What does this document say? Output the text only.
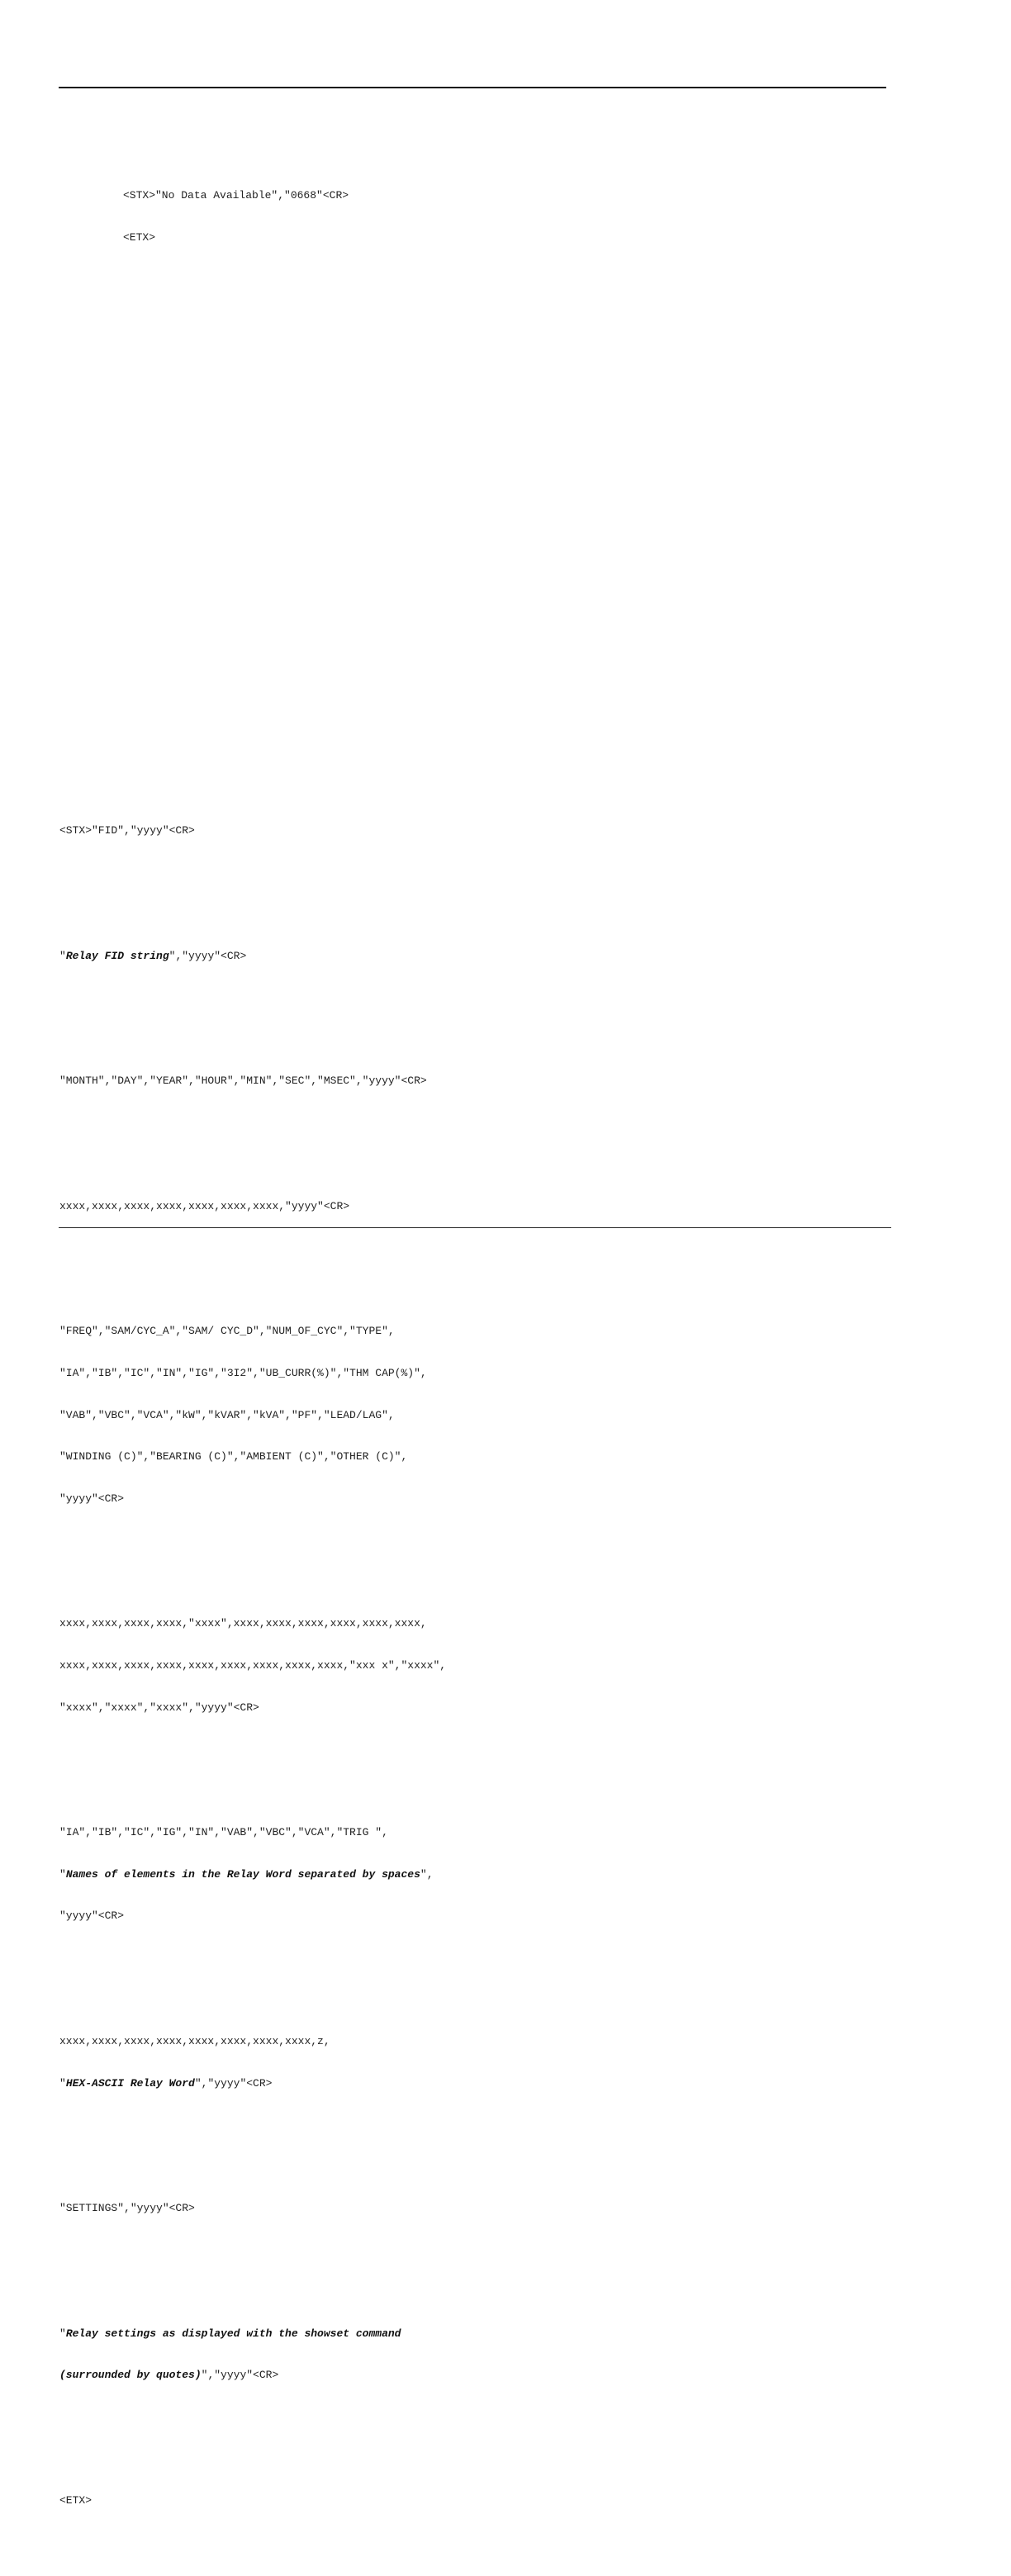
<STX>"No Data Available","0668"<CR>

<ETX>

<STX>"FID","yyyy"<CR>

"Relay FID string","yyyy"<CR>

"MONTH","DAY","YEAR","HOUR","MIN","SEC","MSEC","yyyy"<CR>

xxxx,xxxx,xxxx,xxxx,xxxx,xxxx,xxxx,"yyyy"<CR>

"FREQ","SAM/CYC_A","SAM/ CYC_D","NUM_OF_CYC","TYPE",

"IA","IB","IC","IN","IG","3I2","UB_CURR(%)","THM CAP(%)",

"VAB","VBC","VCA","kW","kVAR","kVA","PF","LEAD/LAG",

"WINDING (C)","BEARING (C)","AMBIENT (C)","OTHER (C)",

"yyyy"<CR>

xxxx,xxxx,xxxx,xxxx,"xxxx",xxxx,xxxx,xxxx,xxxx,xxxx,xxxx,

xxxx,xxxx,xxxx,xxxx,xxxx,xxxx,xxxx,xxxx,xxxx,"xxx x","xxxx",

"xxxx","xxxx","xxxx","yyyy"<CR>

"IA","IB","IC","IG","IN","VAB","VBC","VCA","TRIG ",

"Names of elements in the Relay Word separated by spaces",

"yyyy"<CR>

xxxx,xxxx,xxxx,xxxx,xxxx,xxxx,xxxx,xxxx,z,

"HEX-ASCII Relay Word","yyyy"<CR>

"SETTINGS","yyyy"<CR>

"Relay settings as displayed with the showset command

(surrounded by quotes)","yyyy"<CR>

<ETX>
